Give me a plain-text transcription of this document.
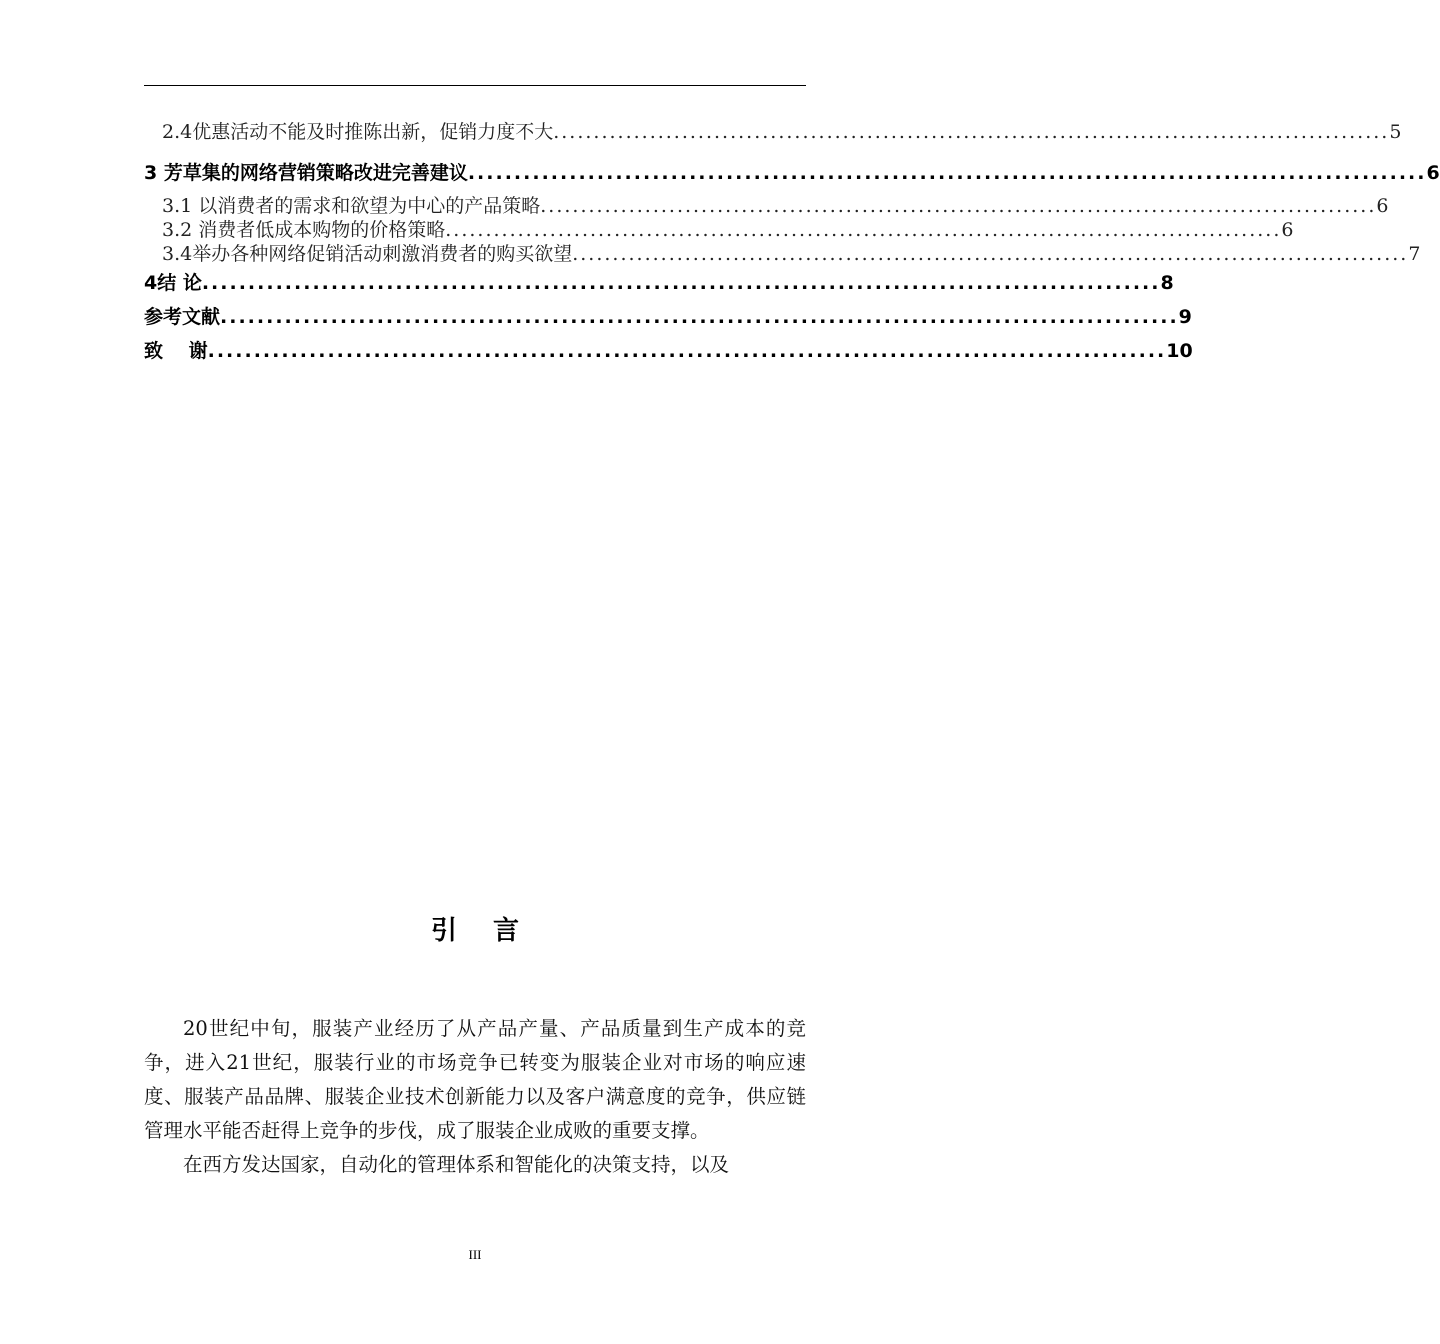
2.4优惠活动不能及时推陈出新，促销力度不大 ........................................................................................................ 5
3 芳草集的网络营销策略改进完善建议 ........................................................................................................ 6
3.1 以消费者的需求和欲望为中心的产品策略 ........................................................................................................ 6
3.2 消费者低成本购物的价格策略 ........................................................................................................ 6
3.4举办各种网络促销活动刺激消费者的购买欲望 ........................................................................................................ 7
4结 论 ........................................................................................................ 8
参考文献 ........................................................................................................ 9
致　 谢 ........................................................................................................ 10
引言

20世纪中旬，服装产业经历了从产品产量、产品质量到生产成本的竞争，进入21世纪，服装行业的市场竞争已转变为服装企业对市场的响应速度、服装产品品牌、服装企业技术创新能力以及客户满意度的竞争，供应链管理水平能否赶得上竞争的步伐，成了服装企业成败的重要支撑。

在西方发达国家，自动化的管理体系和智能化的决策支持，以及

III
